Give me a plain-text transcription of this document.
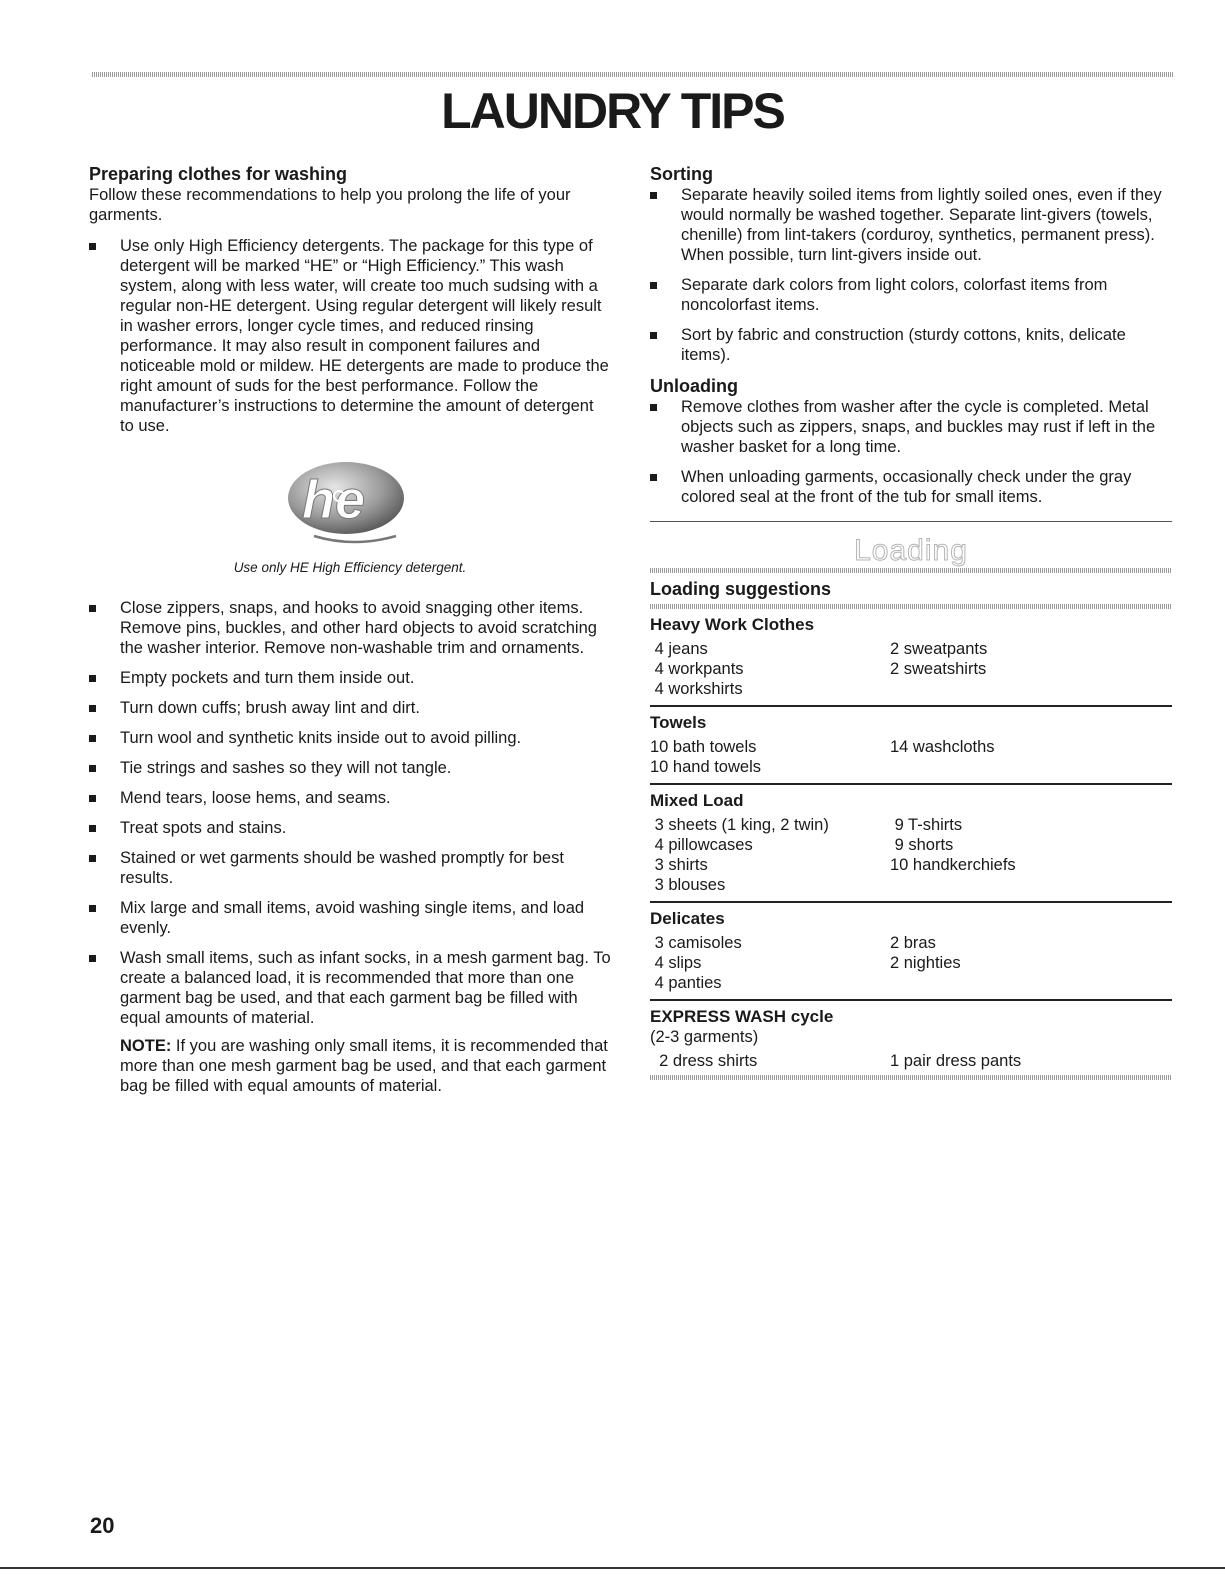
LAUNDRY TIPS
Preparing clothes for washing

Follow these recommendations to help you prolong the life of your garments.

Use only High Efficiency detergents. The package for this type of detergent will be marked “HE” or “High Efficiency.” This wash system, along with less water, will create too much sudsing with a regular non-HE detergent. Using regular detergent will likely result in washer errors, longer cycle times, and reduced rinsing performance. It may also result in component failures and noticeable mold or mildew. HE detergents are made to produce the right amount of suds for the best performance. Follow the manufacturer’s instructions to determine the amount of detergent to use.
he
Use only HE High Efficiency detergent.
Close zippers, snaps, and hooks to avoid snagging other items. Remove pins, buckles, and other hard objects to avoid scratching the washer interior. Remove non-washable trim and ornaments.
Empty pockets and turn them inside out.
Turn down cuffs; brush away lint and dirt.
Turn wool and synthetic knits inside out to avoid pilling.
Tie strings and sashes so they will not tangle.
Mend tears, loose hems, and seams.
Treat spots and stains.
Stained or wet garments should be washed promptly for best results.
Mix large and small items, avoid washing single items, and load evenly.
Wash small items, such as infant socks, in a mesh garment bag. To create a balanced load, it is recommended that more than one garment bag be used, and that each garment bag be filled with equal amounts of material.

NOTE: If you are washing only small items, it is recommended that more than one mesh garment bag be used, and that each garment bag be filled with equal amounts of material.

Sorting
Separate heavily soiled items from lightly soiled ones, even if they would normally be washed together. Separate lint-givers (towels, chenille) from lint-takers (corduroy, synthetics, permanent press). When possible, turn lint-givers inside out.
Separate dark colors from light colors, colorfast items from noncolorfast items.
Sort by fabric and construction (sturdy cottons, knits, delicate items).
Unloading
Remove clothes from washer after the cycle is completed. Metal objects such as zippers, snaps, and buckles may rust if left in the washer basket for a long time.
When unloading garments, occasionally check under the gray colored seal at the front of the tub for small items.
Loading
Loading suggestions
Heavy Work Clothes
4 jeans
4 workpants
4 workshirts
2 sweatpants
2 sweatshirts
Towels
10 bath towels
10 hand towels
14 washcloths
Mixed Load
3 sheets (1 king, 2 twin)
4 pillowcases
3 shirts
3 blouses
9 T-shirts
9 shorts
10 handkerchiefs
Delicates
3 camisoles
4 slips
4 panties
2 bras
2 nighties
EXPRESS WASH cycle
(2-3 garments)
2 dress shirts	1 pair dress pants
20
